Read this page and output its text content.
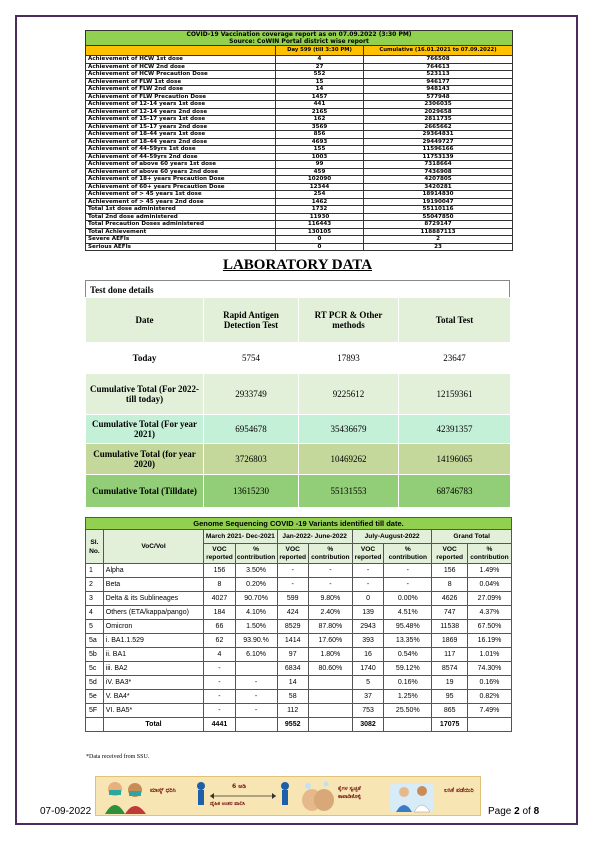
COVID-19 Vaccination coverage report as on 07.09.2022 (3:30 PM)
Source: CoWIN Portal district wise report		

	Day 599 (till 3:30 PM)	Cumulative (16.01.2021 to 07.09.2022)
Achievement of HCW 1st dose	4	766508
Achievement of HCW 2nd dose	27	764613
Achievement of HCW Precaution Dose	552	523113
Achievement of FLW 1st dose	15	946177
Achievement of FLW 2nd dose	14	948143
Achievement of FLW Precaution Dose	1457	577948
Achievement of 12-14 years 1st dose	441	2306035
Achievement of 12-14 years 2nd dose	2165	2029658
Achievement of 15-17 years 1st dose	162	2811735
Achievement of 15-17 years 2nd dose	3569	2665662
Achievement of 18-44 years 1st dose	856	29364831
Achievement of 18-44 years 2nd dose	4693	29449727
Achievement of 44-59yrs 1st dose	155	11596166
Achievement of 44-59yrs 2nd dose	1003	11753139
Achievement of above 60 years 1st dose	99	7318664
Achievement of above 60 years 2nd dose	459	7436908
Achievement of 18+ years Precaution Dose	102090	4207805
Achievement of 60+ years Precaution Dose	12344	3420281
Achievement of > 45 years 1st dose	254	18914830
Achievement of > 45 years 2nd dose	1462	19190047
Total 1st dose administered	1732	55110116
Total 2nd dose administered	11930	55047850
Total Precaution Doses administered	116443	8729147
Total Achievement	130105	118887113
Severe AEFIs	0	2
Serious AEFIs	0	23
LABORATORY DATA
Test done details
Date	Rapid Antigen Detection Test	RT PCR & Other methods	Total Test
Today	5754	17893	23647
Cumulative Total (For 2022- till today)	2933749	9225612	12159361
Cumulative Total (For year 2021)	6954678	35436679	42391357
Cumulative Total (for year 2020)	3726803	10469262	14196065
Cumulative Total (Tilldate)	13615230	55131553	68746783
Genome Sequencing COVID -19 Variants identified till date.									
Sl. No.	VoC/VoI	March 2021- Dec-2021		Jan-2022- June-2022		July-August-2022		Grand Total	
		VOC reported	% contribution	VOC reported	% contribution	VOC reported	% contribution	VOC reported	% contribution
1	Alpha	156	3.50%	-	-	-	-	156	1.49%
2	Beta	8	0.20%	-	-	-	-	8	0.04%
3	Delta & its Sublineages	4027	90.70%	599	9.80%	0	0.00%	4626	27.09%
4	Others (ETA/kappa/pango)	184	4.10%	424	2.40%	139	4.51%	747	4.37%
5	Omicron	66	1.50%	8529	87.80%	2943	95.48%	11538	67.50%
5a	i. BA1.1.529	62	93.90.%	1414	17.60%	393	13.35%	1869	16.19%
5b	ii. BA1	4	6.10%	97	1.80%	16	0.54%	117	1.01%
5c	iii. BA2	-		6834	80.60%	1740	59.12%	8574	74.30%
5d	iV. BA3*	-	-	14		5	0.16%	19	0.16%
5e	V. BA4*	-	-	58		37	1.25%	95	0.82%
5F	VI. BA5*	-	-	112		753	25.50%	865	7.49%
	Total	4441		9552		3082		17075	
*Data received from SSU.
ಮಾಸ್ಕ್ ಧರಿಸಿ
6 ಅಡಿ
ದೈಹಿಕ ಅಂತರ ಪಾಲಿಸಿ
ಕೈಗಳ ಸ್ವಚ್ಛತೆ ಕಾಪಾಡಿಕೊಳ್ಳಿ
ಲಸಿಕೆ ಪಡೆಯಿರಿ
07-09-2022	Page 2 of 8
